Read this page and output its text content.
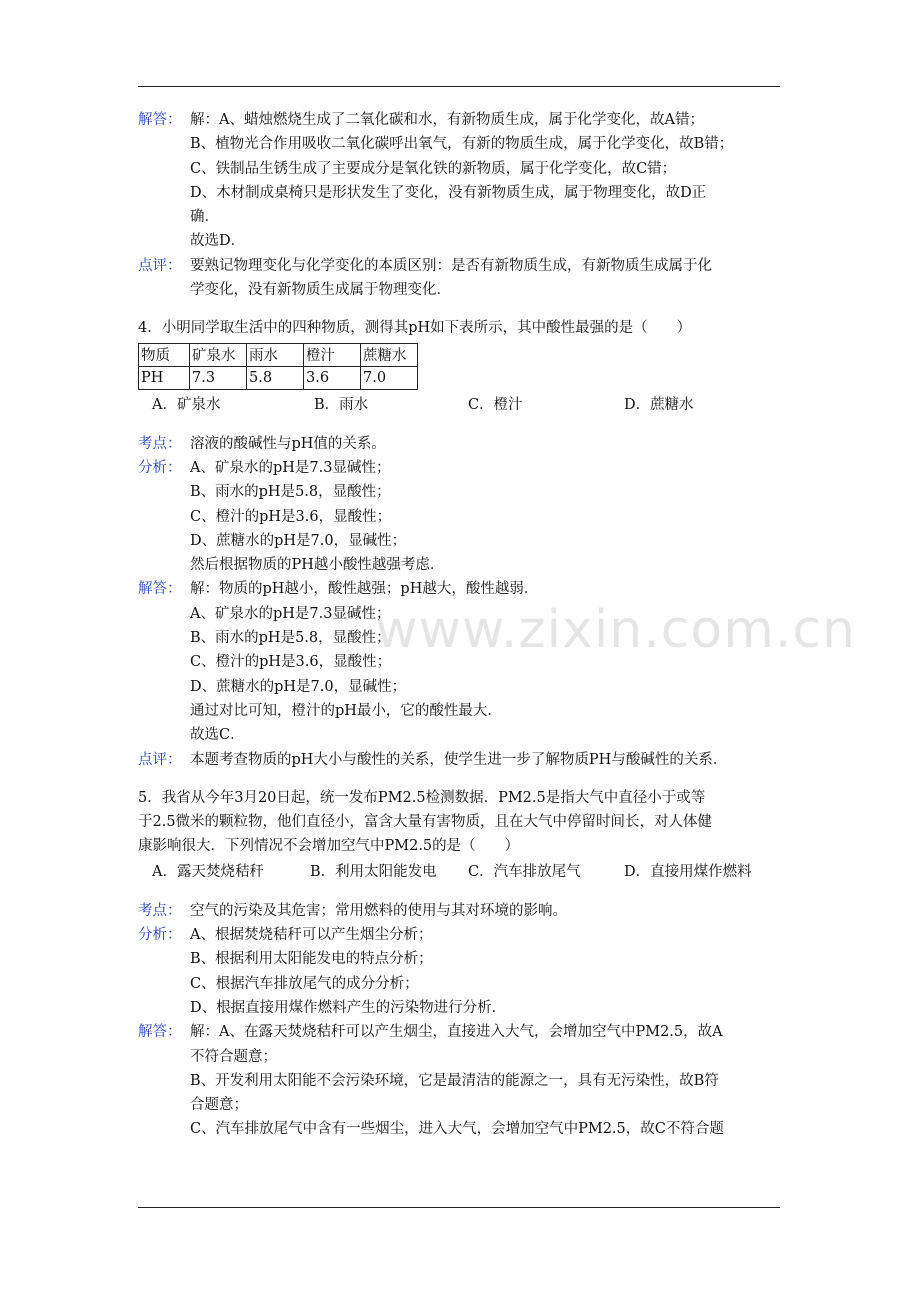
www.zixin.com.cn
解答： 解：A、蜡烛燃烧生成了二氧化碳和水，有新物质生成，属于化学变化，故A错；
B、植物光合作用吸收二氧化碳呼出氧气，有新的物质生成，属于化学变化，故B错；
C、铁制品生锈生成了主要成分是氧化铁的新物质，属于化学变化，故C错；
D、木材制成桌椅只是形状发生了变化，没有新物质生成，属于物理变化，故D正
确．
故选D．
点评： 要熟记物理变化与化学变化的本质区别：是否有新物质生成，有新物质生成属于化
学变化，没有新物质生成属于物理变化．
4．小明同学取生活中的四种物质，测得其pH如下表所示，其中酸性最强的是（　　）
物质	矿泉水	雨水	橙汁	蔗糖水
PH	7.3	5.8	3.6	7.0
A．矿泉水	B．雨水	C．橙汁	D．蔗糖水
考点： 溶液的酸碱性与pH值的关系。
分析： A、矿泉水的pH是7.3显碱性；
B、雨水的pH是5.8，显酸性；
C、橙汁的pH是3.6，显酸性；
D、蔗糖水的pH是7.0，显碱性；
然后根据物质的PH越小酸性越强考虑．
解答： 解：物质的pH越小，酸性越强；pH越大，酸性越弱．
A、矿泉水的pH是7.3显碱性；
B、雨水的pH是5.8，显酸性；
C、橙汁的pH是3.6，显酸性；
D、蔗糖水的pH是7.0，显碱性；
通过对比可知，橙汁的pH最小，它的酸性最大．
故选C．
点评： 本题考查物质的pH大小与酸性的关系，使学生进一步了解物质PH与酸碱性的关系．
5．我省从今年3月20日起，统一发布PM2.5检测数据．PM2.5是指大气中直径小于或等
于2.5微米的颗粒物，他们直径小，富含大量有害物质，且在大气中停留时间长，对人体健
康影响很大．下列情况不会增加空气中PM2.5的是（　　）
A．露天焚烧秸秆	B．利用太阳能发电 C．汽车排放尾气	D．直接用煤作燃料
考点： 空气的污染及其危害；常用燃料的使用与其对环境的影响。
分析： A、根据焚烧秸秆可以产生烟尘分析；
B、根据利用太阳能发电的特点分析；
C、根据汽车排放尾气的成分分析；
D、根据直接用煤作燃料产生的污染物进行分析．
解答： 解：A、在露天焚烧秸秆可以产生烟尘，直接进入大气，会增加空气中PM2.5，故A
不符合题意；
B、开发利用太阳能不会污染环境，它是最清洁的能源之一，具有无污染性，故B符
合题意；
C、汽车排放尾气中含有一些烟尘，进入大气，会增加空气中PM2.5，故C不符合题
